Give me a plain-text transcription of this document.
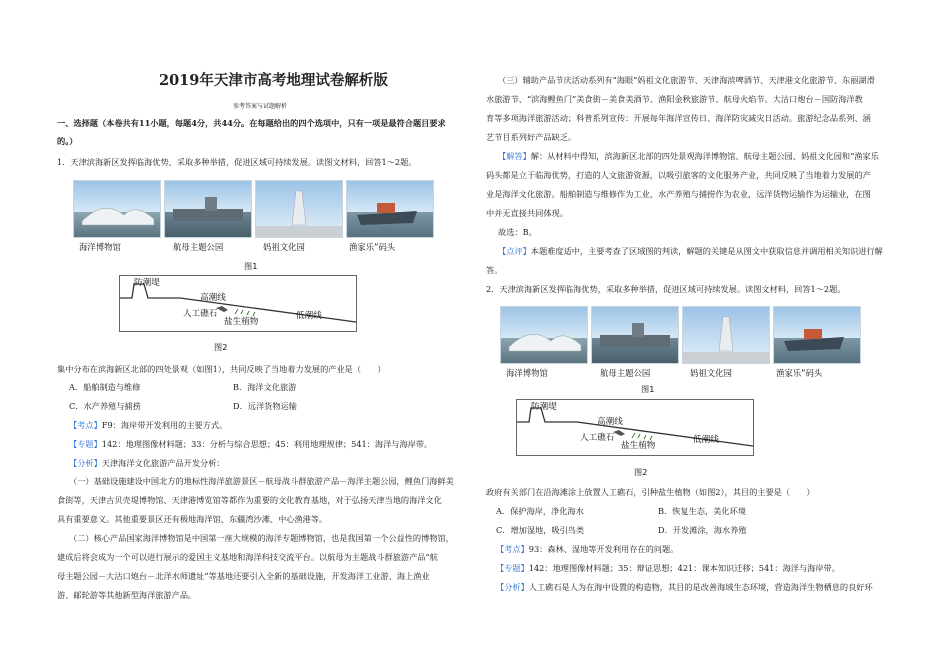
2019年天津市高考地理试卷解析版
参考答案与试题解析
一、选择题（本卷共有11小题，每题4分，共44分。在每题给出的四个选项中，只有一项是最符合题目要求
的。）
1．天津滨海新区发挥临海优势，采取多种举措，促进区域可持续发展。读图文材料，回答1～2题。
海洋博物馆	航母主题公园	妈祖文化园	渔家乐”码头
图1
防潮堤
高潮线
人工礁石
盐生植物
低潮线
图2
集中分布在滨海新区北部的四处景观（如图1），共同反映了当地着力发展的产业是（　　）
A．船舶制造与维修	B．海洋文化旅游
C．水产养殖与捕捞	D．远洋货物运输
【考点】F9：海岸带开发利用的主要方式。
【专题】142：地理图像材料题；33：分析与综合思想；45：利用地理规律；541：海洋与海岸带。
【分析】天津海洋文化旅游产品开发分析：
（一）基础设施建设中国北方的地标性海洋旅游景区－航母战斗群旅游产品－海洋主题公园，鲤鱼门海鲜美
食街等，天津古贝壳堤博物馆、天津港博览馆等都作为重要的文化教育基地，对于弘扬天津当地的海洋文化
具有重要意义。其他重要景区还有极地海洋馆、东疆湾沙滩、中心渔港等。
（二）核心产品国家海洋博物馆是中国第一座大规模的海洋专题博物馆，也是我国第一个公益性的博物馆，
建成后将会成为一个可以进行展示的爱国主义基地和海洋科技交流平台。以航母为主题战斗群旅游产品“航
母主题公园－大沽口炮台－北洋水师遗址”等基地还要引入全新的基础设施，开发海洋工业游、海上渔业
游、邮轮游等其他新型海洋旅游产品。
（三）辅助产品节庆活动系列有“海眼”妈祖文化旅游节、天津海滨啤酒节、天津港文化旅游节、东丽湖滑
水旅游节、“滨海鲤鱼门”美食街－美食美酒节、渔阳金秋旅游节、航母火焰节。大沽口炮台－国防海洋教
育等多项海洋旅游活动；科普系列宣传：开展每年海洋宣传日、海洋防灾减灾日活动。旅游纪念品系列、涵
艺节目系列好产品缺乏。
【解答】解：从材料中得知，滨海新区北部的四处景观海洋博物馆、航母主题公园、妈祖文化园和“渔家乐
码头都是立于临海优势，打造的人文旅游资源，以吸引旅客的文化服务产业，共同反映了当地着力发展的产
业是海洋文化旅游。船舶制造与维修作为工业，水产养殖与捕捞作为农业，远洋货物运输作为运输业，在图
中并无直接共同体现。
故选：B。
【点评】本题难度适中，主要考查了区域图的判读，解题的关键是从图文中获取信息并调用相关知识进行解
答。
2．天津滨海新区发挥临海优势，采取多种举措，促进区域可持续发展。读图文材料，回答1～2题。
海洋博物馆	航母主题公园	妈祖文化园	渔家乐”码头
图1
防潮堤
高潮线
人工礁石
盐生植物
低潮线
图2
政府有关部门在沿海滩涂上放置人工礁石，引种盐生植物（如图2），其目的主要是（　　）
A．保护海岸，净化海水	B．恢复生态，美化环境
C．增加湿地，吸引鸟类	D．开发滩涂，海水养殖
【考点】93：森林、湿地等开发利用存在的问题。
【专题】142：地理图像材料题；35：辩证思想；421：课本知识迁移；541：海洋与海岸带。
【分析】人工礁石是人为在海中设置的构造物，其目的是改善海域生态环境，营造海洋生物栖息的良好环
